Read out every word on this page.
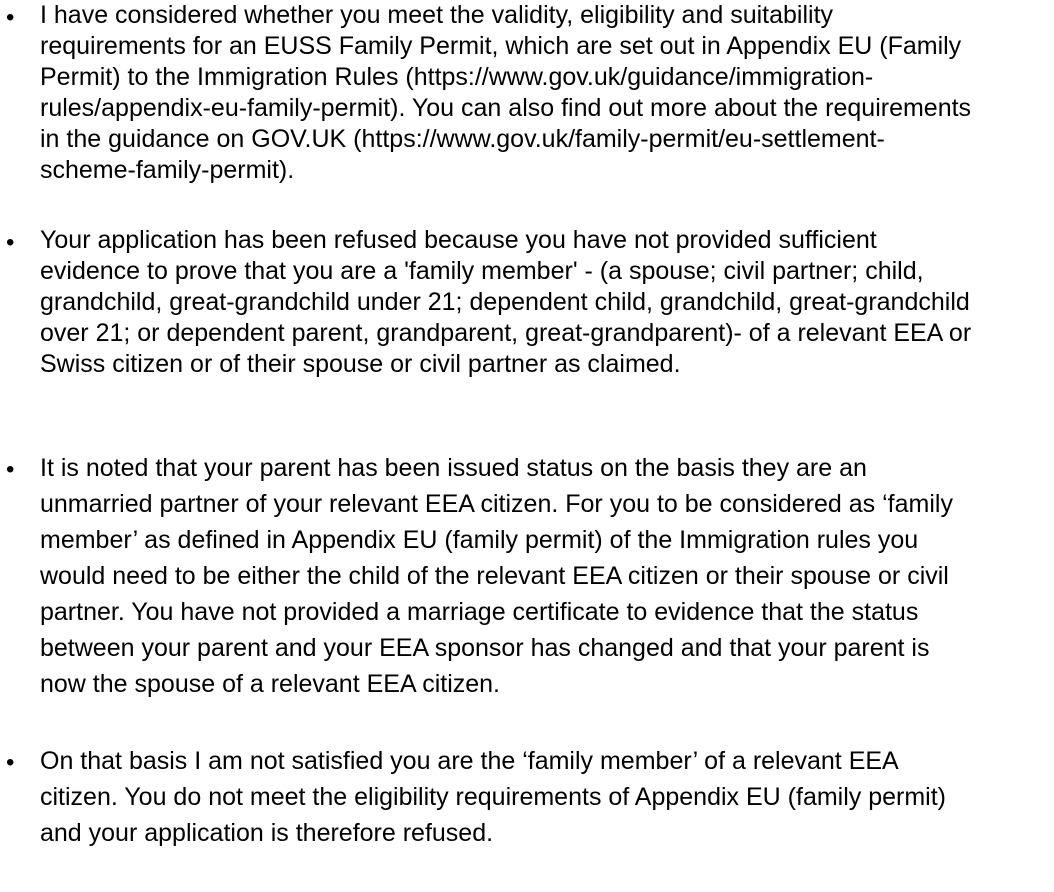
• I have considered whether you meet the validity, eligibility and suitability
requirements for an EUSS Family Permit, which are set out in Appendix EU (Family
Permit) to the Immigration Rules (https://www.gov.uk/guidance/immigration-
rules/appendix-eu-family-permit). You can also find out more about the requirements
in the guidance on GOV.UK (https://www.gov.uk/family-permit/eu-settlement-
scheme-family-permit).
• Your application has been refused because you have not provided sufficient
evidence to prove that you are a 'family member' - (a spouse; civil partner; child,
grandchild, great-grandchild under 21; dependent child, grandchild, great-grandchild
over 21; or dependent parent, grandparent, great-grandparent)- of a relevant EEA or
Swiss citizen or of their spouse or civil partner as claimed.
• It is noted that your parent has been issued status on the basis they are an
unmarried partner of your relevant EEA citizen. For you to be considered as ‘family
member’ as defined in Appendix EU (family permit) of the Immigration rules you
would need to be either the child of the relevant EEA citizen or their spouse or civil
partner. You have not provided a marriage certificate to evidence that the status
between your parent and your EEA sponsor has changed and that your parent is
now the spouse of a relevant EEA citizen.
• On that basis I am not satisfied you are the ‘family member’ of a relevant EEA
citizen. You do not meet the eligibility requirements of Appendix EU (family permit)
and your application is therefore refused.
